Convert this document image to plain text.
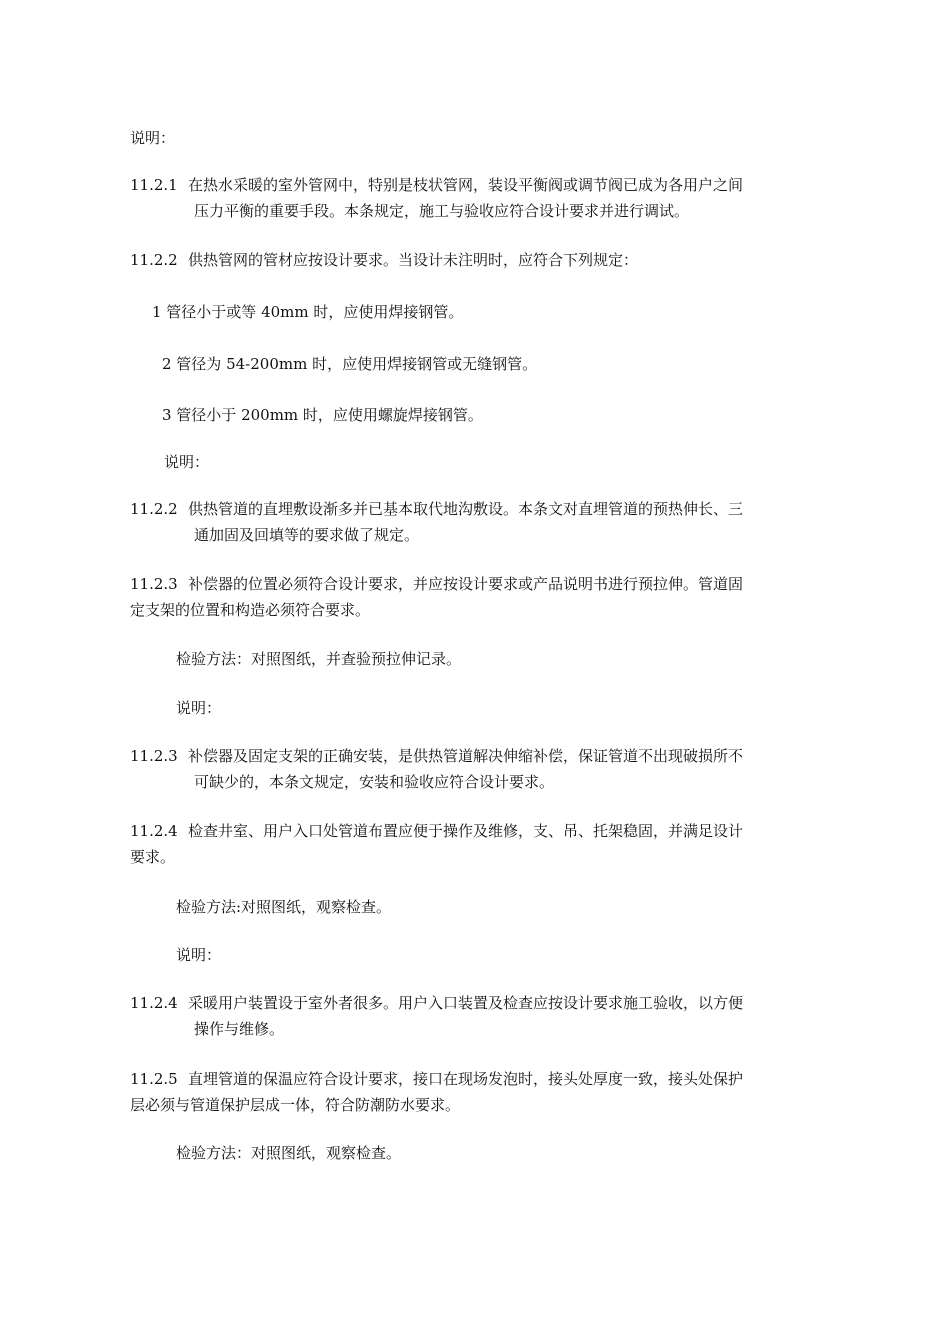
说明：
11.2.1 在热水采暖的室外管网中，特别是枝状管网，装设平衡阀或调节阀已成为各用户之间
压力平衡的重要手段。本条规定，施工与验收应符合设计要求并进行调试。
11.2.2 供热管网的管材应按设计要求。当设计未注明时，应符合下列规定：
1 管径小于或等 40mm 时，应使用焊接钢管。
2 管径为 54-200mm 时，应使用焊接钢管或无缝钢管。
3 管径小于 200mm 时，应使用螺旋焊接钢管。
说明：
11.2.2 供热管道的直埋敷设渐多并已基本取代地沟敷设。本条文对直埋管道的预热伸长、三
通加固及回填等的要求做了规定。
11.2.3 补偿器的位置必须符合设计要求，并应按设计要求或产品说明书进行预拉伸。管道固
定支架的位置和构造必须符合要求。
检验方法：对照图纸，并查验预拉伸记录。
说明：
11.2.3 补偿器及固定支架的正确安装，是供热管道解决伸缩补偿，保证管道不出现破损所不
可缺少的，本条文规定，安装和验收应符合设计要求。
11.2.4 检查井室、用户入口处管道布置应便于操作及维修，支、吊、托架稳固，并满足设计
要求。
检验方法:对照图纸，观察检查。
说明：
11.2.4 采暖用户装置设于室外者很多。用户入口装置及检查应按设计要求施工验收，以方便
操作与维修。
11.2.5 直埋管道的保温应符合设计要求，接口在现场发泡时，接头处厚度一致，接头处保护
层必须与管道保护层成一体，符合防潮防水要求。
检验方法：对照图纸，观察检查。
